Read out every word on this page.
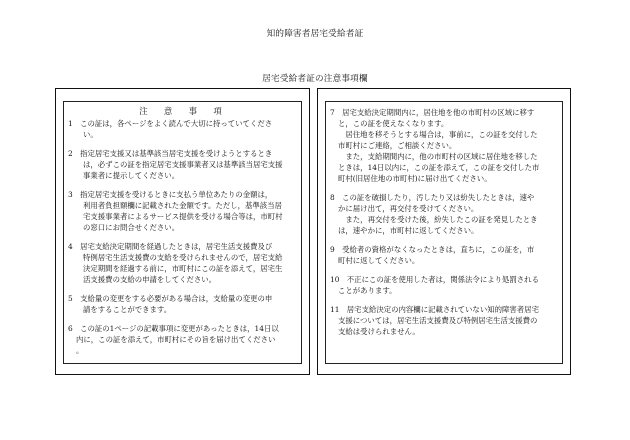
知的障害者居宅受給者証
居宅受給者証の注意事項欄
注　意　事　項
1　この証は，各ページをよく読んで大切に持っていてくださ
い。
2　指定居宅支援又は基準該当居宅支援を受けようとするとき
は，必ずこの証を指定居宅支援事業者又は基準該当居宅支援
事業者に提示してください。
3　指定居宅支援を受けるときに支払う単位あたりの金額は，
利用者負担額欄に記載された金額です。ただし，基準該当居
宅支援事業者によるサービス提供を受ける場合等は，市町村
の窓口にお問合せください。
4　居宅支給決定期間を経過したときは，居宅生活支援費及び
特例居宅生活支援費の支給を受けられませんので，居宅支給
決定期間を経過する前に，市町村にこの証を添えて，居宅生
活支援費の支給の申請をしてください。
5　支給量の変更をする必要がある場合は，支給量の変更の申
請をすることができます。
6　この証の1ページの記載事項に変更があったときは，14日以
内に，この証を添えて，市町村にその旨を届け出てください
。
7　居宅支給決定期間内に，居住地を他の市町村の区域に移す
と，この証を使えなくなります。
　居住地を移そうとする場合は，事前に，この証を交付した
市町村にご連絡，ご相談ください。
　また，支給期間内に，他の市町村の区域に居住地を移した
ときは，14日以内に，この証を添えて，この証を交付した市
町村(旧居住地の市町村)に届け出てください。
8　この証を破損したり，汚したり又は紛失したときは，速や
かに届け出て，再交付を受けてください。
　また，再交付を受けた後，紛失したこの証を発見したとき
は，速やかに，市町村に返してください。
9　受給者の資格がなくなったときは，直ちに，この証を，市
町村に返してください。
10　不正にこの証を使用した者は，関係法令により処罰される
ことがあります。
11　居宅支給決定の内容欄に記載されていない知的障害者居宅
支援については，居宅生活支援費及び特例居宅生活支援費の
支給は受けられません。
